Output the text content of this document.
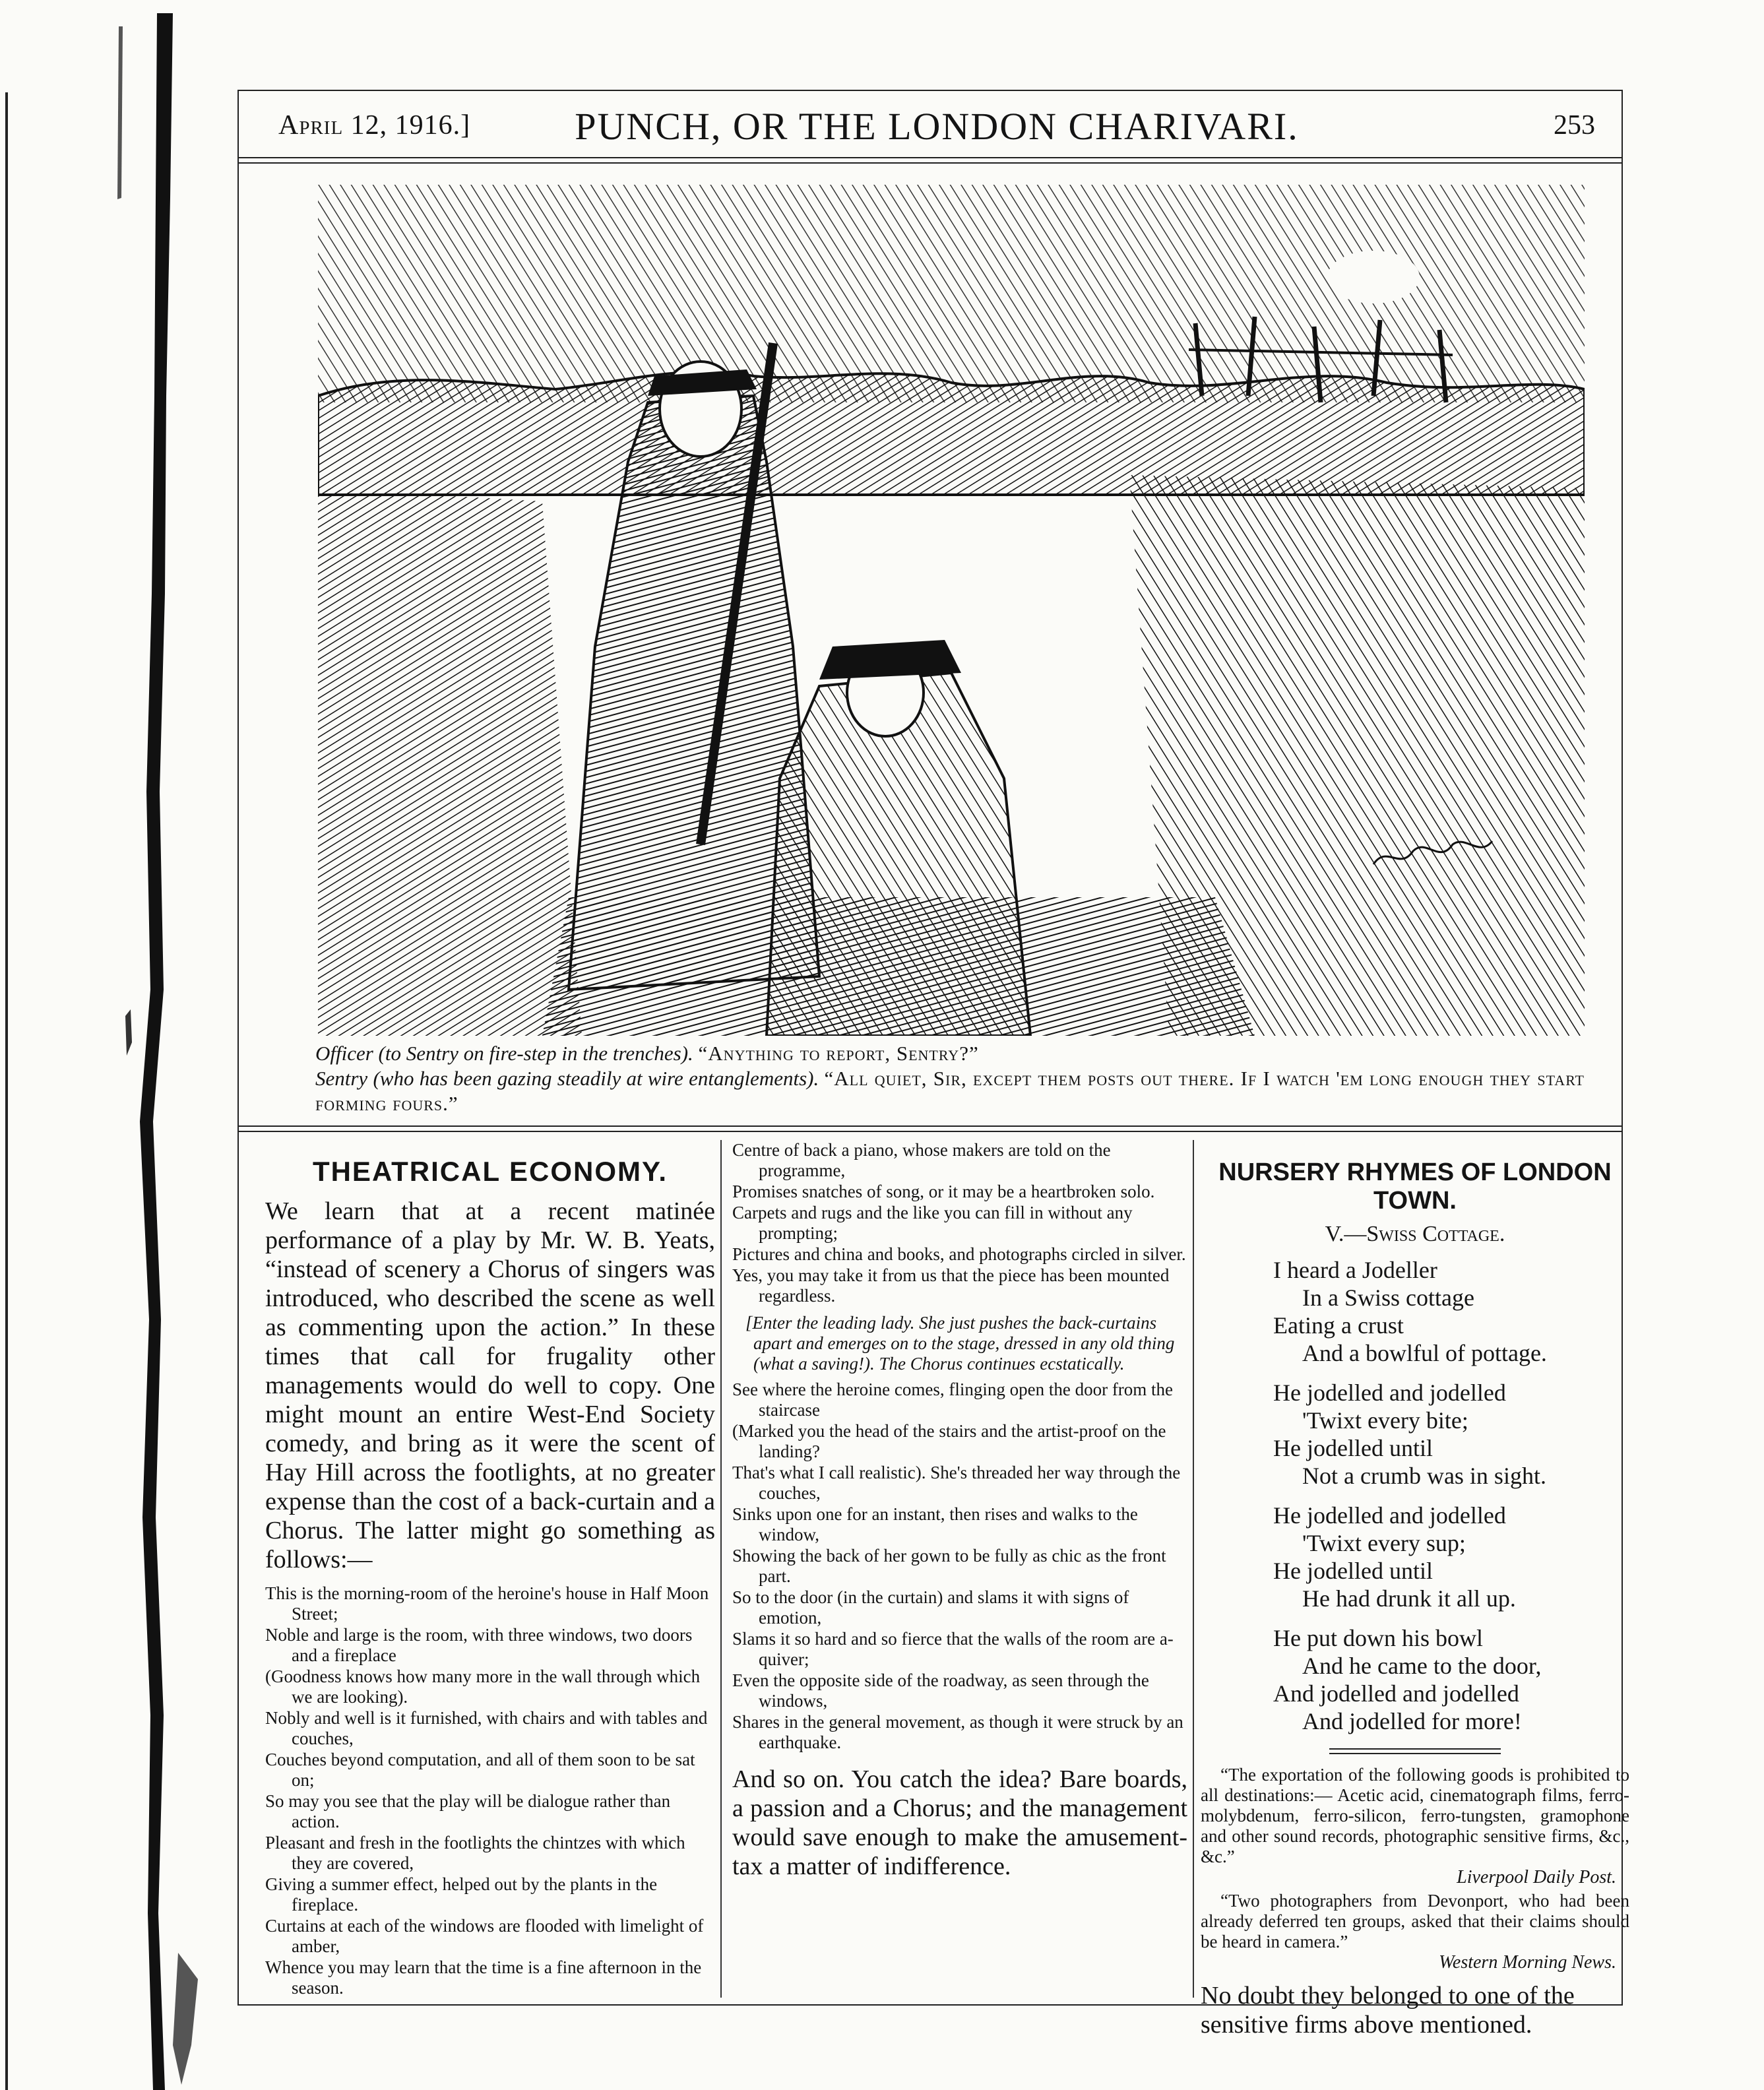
April 12, 1916.]	PUNCH, OR THE LONDON CHARIVARI.	253
Officer (to Sentry on fire-step in the trenches). “Anything to report, Sentry?”
Sentry (who has been gazing steadily at wire entanglements). “All quiet, Sir, except them posts out there. If I watch 'em long enough they start forming fours.”
THEATRICAL ECONOMY.

We learn that at a recent matinée performance of a play by Mr. W. B. Yeats, “instead of scenery a Chorus of singers was introduced, who described the scene as well as commenting upon the action.” In these times that call for frugality other managements would do well to copy. One might mount an entire West-End Society comedy, and bring as it were the scent of Hay Hill across the footlights, at no greater expense than the cost of a back-curtain and a Chorus. The latter might go something as follows:—

This is the morning-room of the heroine's house in Half Moon Street;

Noble and large is the room, with three windows, two doors and a fireplace

(Goodness knows how many more in the wall through which we are looking).

Nobly and well is it furnished, with chairs and with tables and couches,

Couches beyond computation, and all of them soon to be sat on;

So may you see that the play will be dialogue rather than action.

Pleasant and fresh in the footlights the chintzes with which they are covered,

Giving a summer effect, helped out by the plants in the fireplace.

Curtains at each of the windows are flooded with limelight of amber,

Whence you may learn that the time is a fine afternoon in the season.

Centre of back a piano, whose makers are told on the programme,

Promises snatches of song, or it may be a heartbroken solo.

Carpets and rugs and the like you can fill in without any prompting;

Pictures and china and books, and photographs circled in silver.

Yes, you may take it from us that the piece has been mounted regardless.

[Enter the leading lady. She just pushes the back-curtains apart and emerges on to the stage, dressed in any old thing (what a saving!). The Chorus continues ecstatically.

See where the heroine comes, flinging open the door from the staircase

(Marked you the head of the stairs and the artist-proof on the landing?

That's what I call realistic). She's threaded her way through the couches,

Sinks upon one for an instant, then rises and walks to the window,

Showing the back of her gown to be fully as chic as the front part.

So to the door (in the curtain) and slams it with signs of emotion,

Slams it so hard and so fierce that the walls of the room are a-quiver;

Even the opposite side of the roadway, as seen through the windows,

Shares in the general movement, as though it were struck by an earthquake.

And so on. You catch the idea? Bare boards, a passion and a Chorus; and the management would save enough to make the amusement-tax a matter of indifference.

NURSERY RHYMES OF LONDON TOWN.
V.—Swiss Cottage.
I heard a Jodeller
In a Swiss cottage
Eating a crust
And a bowlful of pottage.
He jodelled and jodelled
'Twixt every bite;
He jodelled until
Not a crumb was in sight.
He jodelled and jodelled
'Twixt every sup;
He jodelled until
He had drunk it all up.
He put down his bowl
And he came to the door,
And jodelled and jodelled
And jodelled for more!

“The exportation of the following goods is prohibited to all destinations:— Acetic acid, cinematograph films, ferro-molybdenum, ferro-silicon, ferro-tungsten, gramophone and other sound records, photographic sensitive firms, &c., &c.”

Liverpool Daily Post.

“Two photographers from Devonport, who had been already deferred ten groups, asked that their claims should be heard in camera.”

Western Morning News.

No doubt they belonged to one of the sensitive firms above mentioned.
